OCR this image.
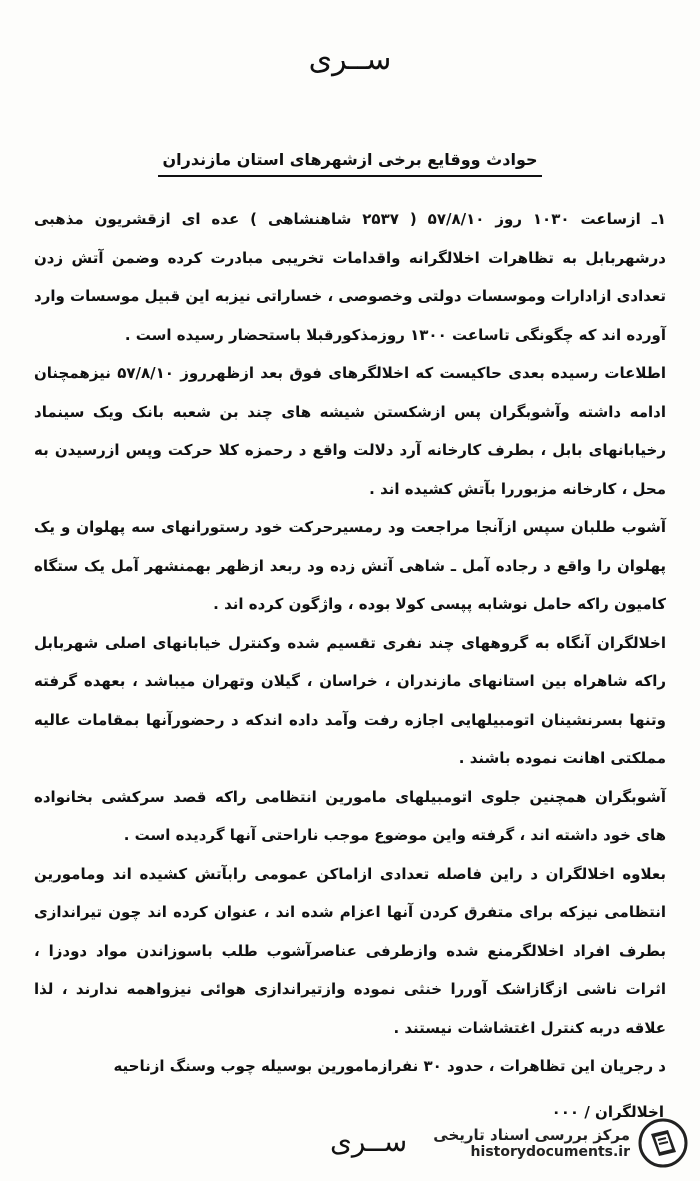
ســری
حوادث ووقایع برخی ازشهرهای استان مازندران

۱ـ ازساعت ۱۰۳۰ روز ۵۷/۸/۱۰ ( ۲۵۳۷ شاهنشاهی ) عده ای ازقشریون مذهبی درشهربابل به تظاهرات اخلالگرانه واقدامات تخریبی مبادرت کرده وضمن آتش زدن تعدادی ازادارات وموسسات دولتی وخصوصی ، خساراتی نیزبه این قبیل موسسات وارد آورده اند که چگونگی تاساعت ۱۳۰۰ روزمذکورقبلا باستحضار رسیده است .

اطلاعات رسیده بعدی حاکیست که اخلالگرهای فوق بعد ازظهرروز ۵۷/۸/۱۰ نیزهمچنان ادامه داشته وآشوبگران پس ازشکستن شیشه های چند بن شعبه بانک ویک سینماد رخیابانهای بابل ، بطرف کارخانه آرد دلالت واقع د رحمزه کلا حرکت وپس ازرسیدن به محل ، کارخانه مزبوررا بآتش کشیده اند .

آشوب طلبان سپس ازآنجا مراجعت ود رمسیرحرکت خود رستورانهای سه پهلوان و یک پهلوان را واقع د رجاده آمل ـ شاهی آتش زده ود ربعد ازظهر بهمنشهر آمل یک ستگاه کامیون راکه حامل نوشابه پپسی کولا بوده ، واژگون کرده اند .

اخلالگران آنگاه به گروههای چند نفری تقسیم شده وکنترل خیابانهای اصلی شهربابل راکه شاهراه بین استانهای مازندران ، خراسان ، گیلان وتهران میباشد ، بعهده گرفته وتنها بسرنشینان اتومبیلهایی اجازه رفت وآمد داده اندکه د رحضورآنها بمقامات عالیه مملکتی اهانت نموده باشند .

آشوبگران همچنین جلوی اتومبیلهای مامورین انتظامی راکه قصد سرکشی بخانواده های خود داشته اند ، گرفته واین موضوع موجب ناراحتی آنها گردیده است .

بعلاوه اخلالگران د راین فاصله تعدادی ازاماکن عمومی رابآتش کشیده اند ومامورین انتظامی نیزکه برای متفرق کردن آنها اعزام شده اند ، عنوان کرده اند چون تیراندازی بطرف افراد اخلالگرمنع شده وازطرفی عناصرآشوب طلب باسوزاندن مواد دودزا ، اثرات ناشی ازگازاشک آوررا خنثی نموده وازتیراندازی هوائی نیزواهمه ندارند ، لذا علاقه دربه کنترل اغتشاشات نیستند .

د رجریان این تظاهرات ، حدود ۳۰ نفرازمامورین بوسیله چوب وسنگ ازناحیه

اخلالگران / ۰۰۰
ســری مرکز بررسی اسناد تاریخی
historydocuments.ir
